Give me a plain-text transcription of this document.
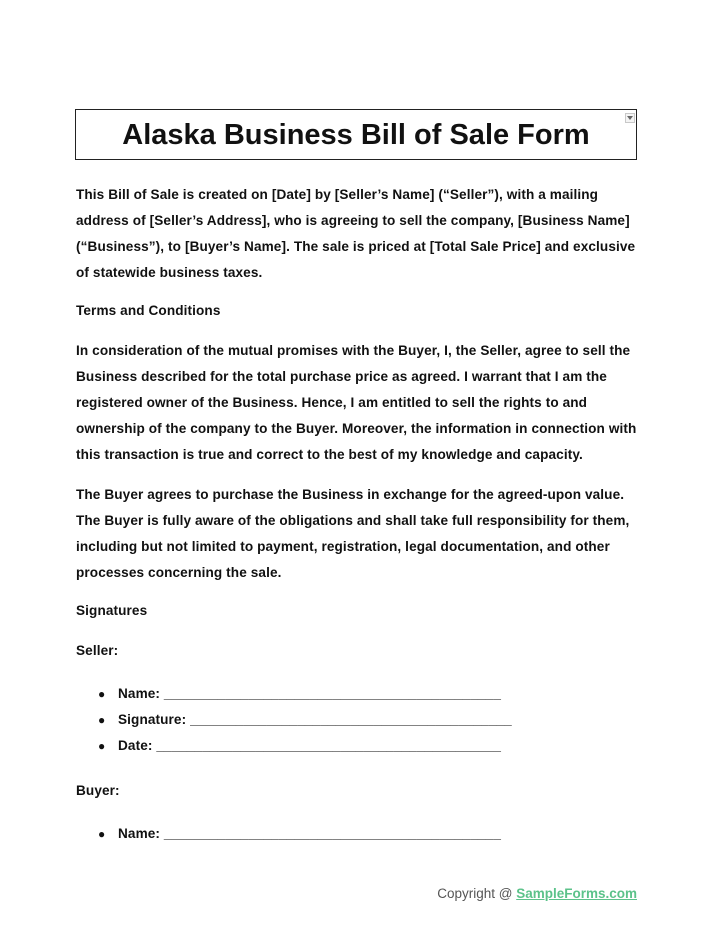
Alaska Business Bill of Sale Form

This Bill of Sale is created on [Date] by [Seller’s Name] (“Seller”), with a mailing address of [Seller’s Address], who is agreeing to sell the company, [Business Name] (“Business”), to [Buyer’s Name]. The sale is priced at [Total Sale Price] and exclusive of statewide business taxes.

Terms and Conditions

In consideration of the mutual promises with the Buyer, I, the Seller, agree to sell the Business described for the total purchase price as agreed. I warrant that I am the registered owner of the Business. Hence, I am entitled to sell the rights to and ownership of the company to the Buyer. Moreover, the information in connection with this transaction is true and correct to the best of my knowledge and capacity.

The Buyer agrees to purchase the Business in exchange for the agreed-upon value. The Buyer is fully aware of the obligations and shall take full responsibility for them, including but not limited to payment, registration, legal documentation, and other processes concerning the sale.

Signatures

Seller:

● Name: ____________________________________________
● Signature: __________________________________________
● Date: _____________________________________________

Buyer:

● Name: ____________________________________________
Copyright @ SampleForms.com
